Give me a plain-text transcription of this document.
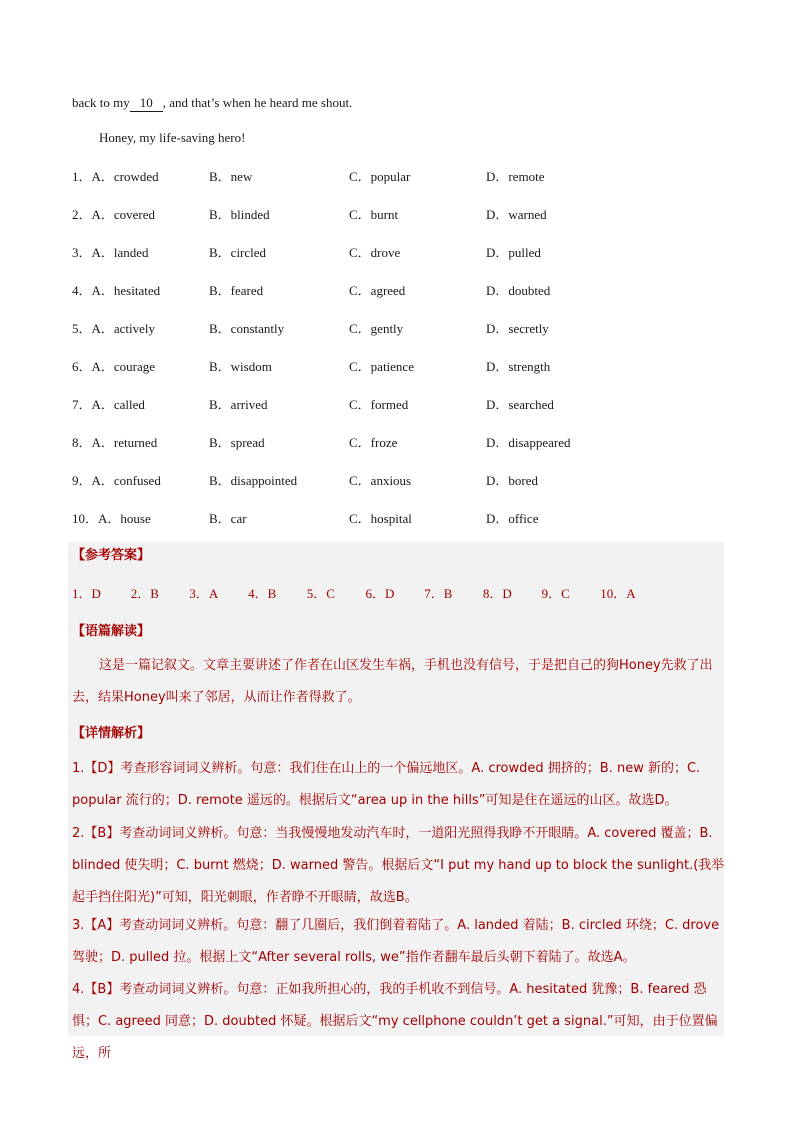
back to my 10 , and that’s when he heard me shout.
Honey, my life-saving hero!
1．A．crowded	B．new	C．popular	D．remote
2．A．covered	B．blinded	C．burnt	D．warned
3．A．landed	B．circled	C．drove	D．pulled
4．A．hesitated	B．feared	C．agreed	D．doubted
5．A．actively	B．constantly	C．gently	D．secretly
6．A．courage	B．wisdom	C．patience	D．strength
7．A．called	B．arrived	C．formed	D．searched
8．A．returned	B．spread	C．froze	D．disappeared
9．A．confused	B．disappointed	C．anxious	D．bored
10．A．house	B．car	C．hospital	D．office
【参考答案】
1．D 2．B 3．A 4．B 5．C 6．D 7．B 8．D 9．C 10．A
【语篇解读】
这是一篇记叙文。文章主要讲述了作者在山区发生车祸，手机也没有信号，于是把自己的狗Honey先救了出去，结果Honey叫来了邻居，从而让作者得救了。
【详情解析】
1.【D】考查形容词词义辨析。句意：我们住在山上的一个偏远地区。A. crowded 拥挤的；B. new 新的；C. popular 流行的；D. remote 遥远的。根据后文“area up in the hills”可知是住在遥远的山区。故选D。
2.【B】考查动词词义辨析。句意：当我慢慢地发动汽车时，一道阳光照得我睁不开眼睛。A. covered 覆盖；B. blinded 使失明；C. burnt 燃烧；D. warned 警告。根据后文“I put my hand up to block the sunlight.(我举起手挡住阳光)”可知，阳光刺眼，作者睁不开眼睛，故选B。
3.【A】考查动词词义辨析。句意：翻了几圈后，我们倒着着陆了。A. landed 着陆；B. circled 环绕；C. drove 驾驶；D. pulled 拉。根据上文“After several rolls, we”指作者翻车最后头朝下着陆了。故选A。
4.【B】考查动词词义辨析。句意：正如我所担心的，我的手机收不到信号。A. hesitated 犹豫；B. feared 恐惧；C. agreed 同意；D. doubted 怀疑。根据后文“my cellphone couldn’t get a signal.”可知，由于位置偏远，所
